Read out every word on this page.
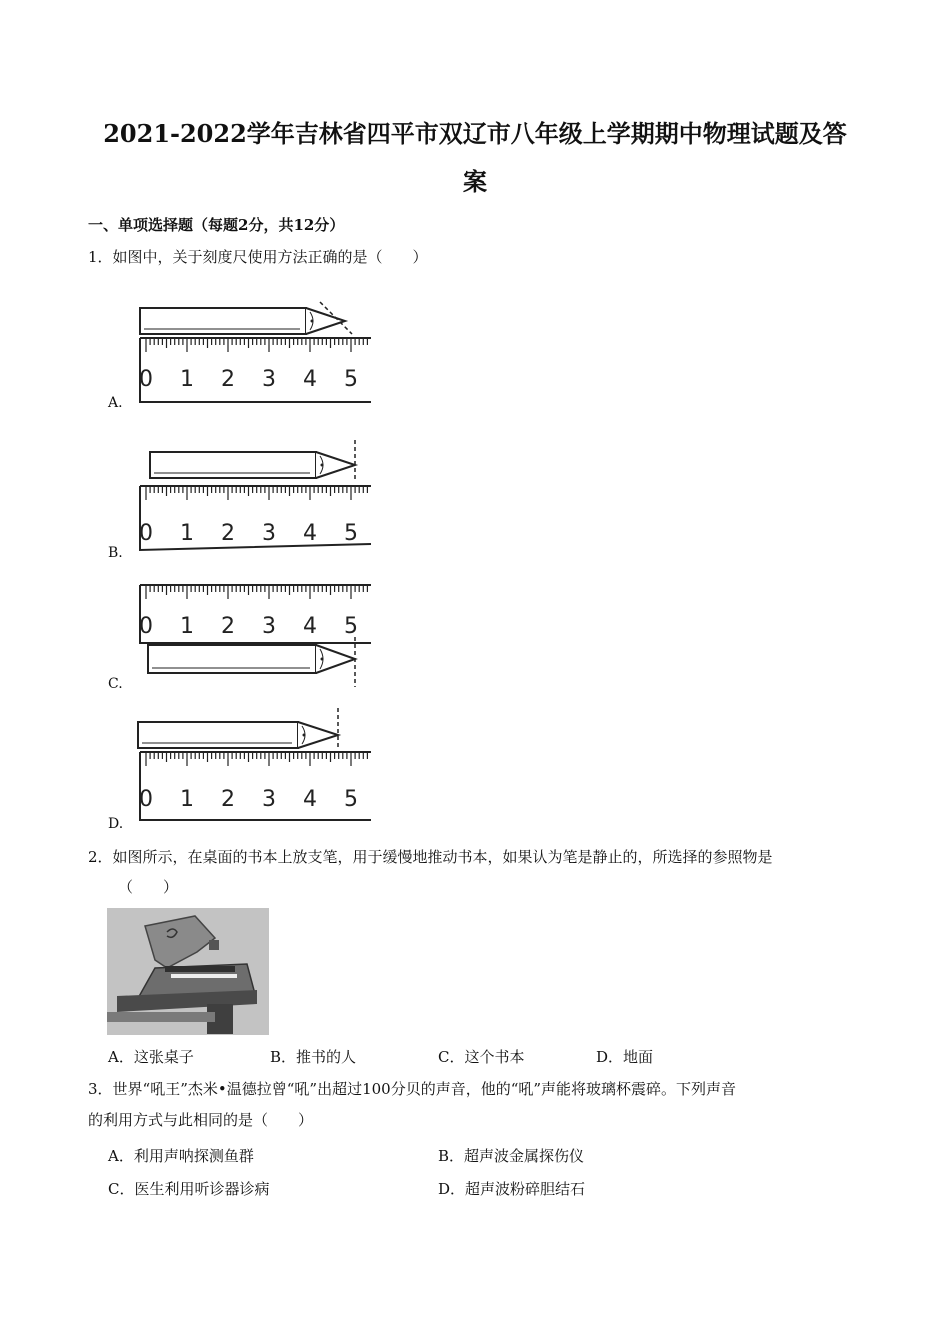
2021-2022学年吉林省四平市双辽市八年级上学期期中物理试题及答
案
一、单项选择题（每题2分，共12分）
1．如图中，关于刻度尺使用方法正确的是（　　）
0 1 2 3 4 5
A.
0 1 2 3 4 5
B.
0 1 2 3 4 5
C.
0 1 2 3 4 5
D.
2．如图所示，在桌面的书本上放支笔，用于缓慢地推动书本，如果认为笔是静止的，所选择的参照物是
（　　）
A．这张桌子	B．推书的人	C．这个书本	D．地面
3．世界“吼王”杰米•温德拉曾“吼”出超过100分贝的声音，他的“吼”声能将玻璃杯震碎。下列声音
的利用方式与此相同的是（　　）
A．利用声呐探测鱼群	B．超声波金属探伤仪
C．医生利用听诊器诊病	D．超声波粉碎胆结石
